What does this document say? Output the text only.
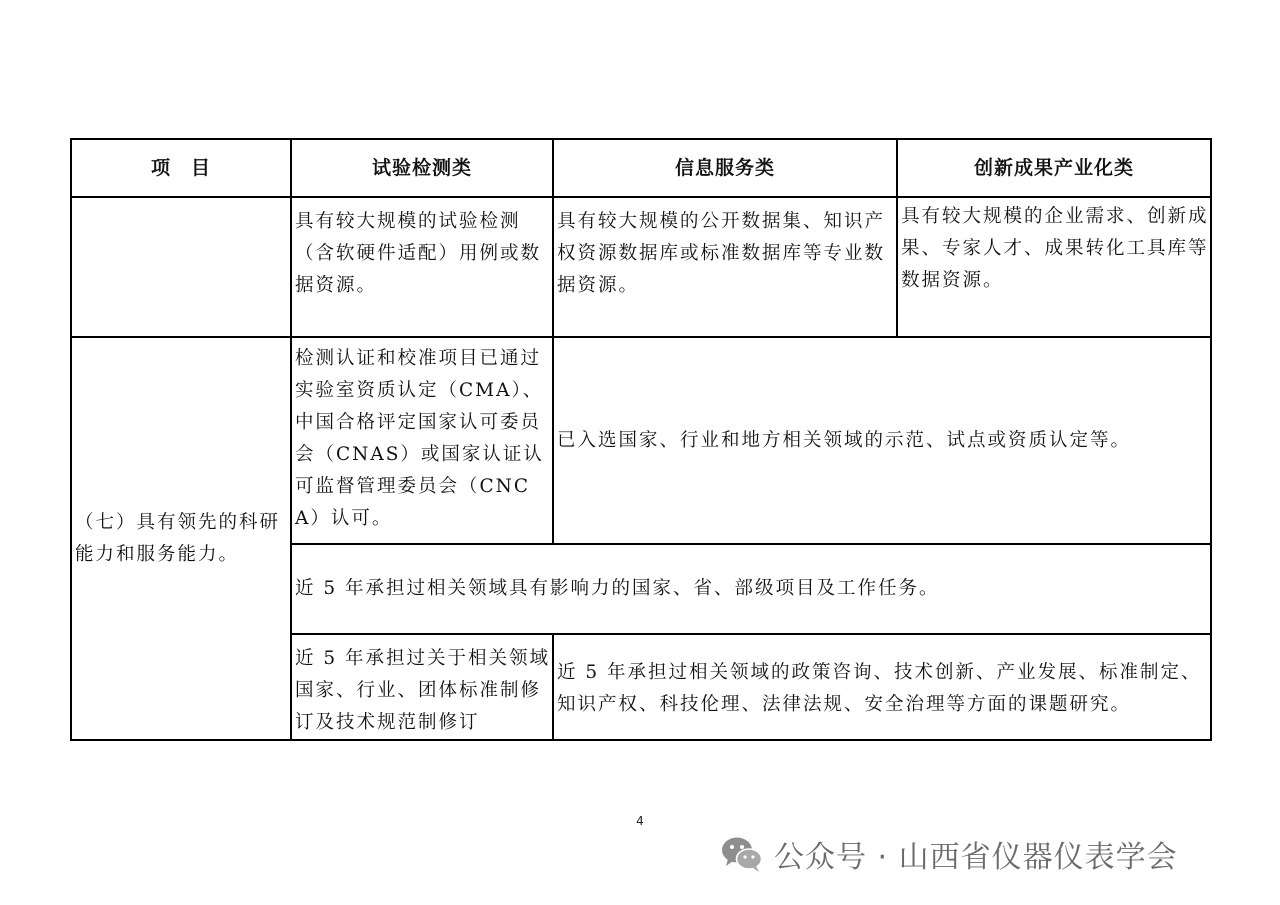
项　目	试验检测类	信息服务类	创新成果产业化类
	具有较大规模的试验检测（含软硬件适配）用例或数据资源。	具有较大规模的公开数据集、知识产权资源数据库或标准数据库等专业数据资源。	具有较大规模的企业需求、创新成果、专家人才、成果转化工具库等数据资源。
（七）具有领先的科研能力和服务能力。	检测认证和校准项目已通过实验室资质认定（CMA）、中国合格评定国家认可委员会（CNAS）或国家认证认可监督管理委员会（CNCA）认可。	已入选国家、行业和地方相关领域的示范、试点或资质认定等。	
	近 5 年承担过相关领域具有影响力的国家、省、部级项目及工作任务。		
	近 5 年承担过关于相关领域国家、行业、团体标准制修订及技术规范制修订	近 5 年承担过相关领域的政策咨询、技术创新、产业发展、标准制定、知识产权、科技伦理、法律法规、安全治理等方面的课题研究。	
4
公众号 · 山西省仪器仪表学会
